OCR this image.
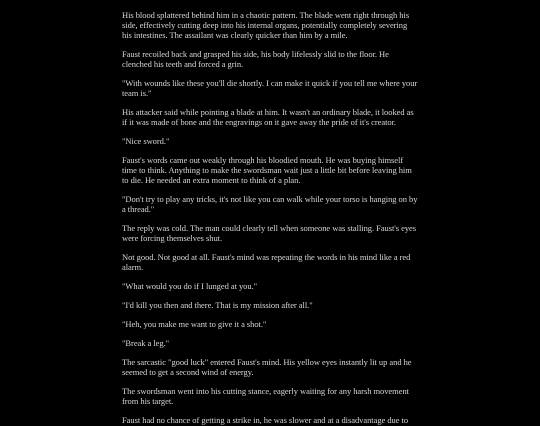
His blood splattered behind him in a chaotic pattern. The blade went right through his side, effectively cutting deep into his internal organs, potentially completely severing his intestines. The assailant was clearly quicker than him by a mile.

Faust recoiled back and grasped his side, his body lifelessly slid to the floor. He clenched his teeth and forced a grin.

"With wounds like these you'll die shortly. I can make it quick if you tell me where your team is."

His attacker said while pointing a blade at him. It wasn't an ordinary blade, it looked as if it was made of bone and the engravings on it gave away the pride of it's creator.

"Nice sword."

Faust's words came out weakly through his bloodied mouth. He was buying himself time to think. Anything to make the swordsman wait just a little bit before leaving him to die. He needed an extra moment to think of a plan.

"Don't try to play any tricks, it's not like you can walk while your torso is hanging on by a thread."

The reply was cold. The man could clearly tell when someone was stalling. Faust's eyes were forcing themselves shut.

Not good. Not good at all. Faust's mind was repeating the words in his mind like a red alarm.

"What would you do if I lunged at you."

"I'd kill you then and there. That is my mission after all."

"Heh, you make me want to give it a shot."

"Break a leg."

The sarcastic "good luck" entered Faust's mind. His yellow eyes instantly lit up and he seemed to get a second wind of energy.

The swordsman went into his cutting stance, eagerly waiting for any harsh movement from his target.

Faust had no chance of getting a strike in, he was slower and at a disadvantage due to
